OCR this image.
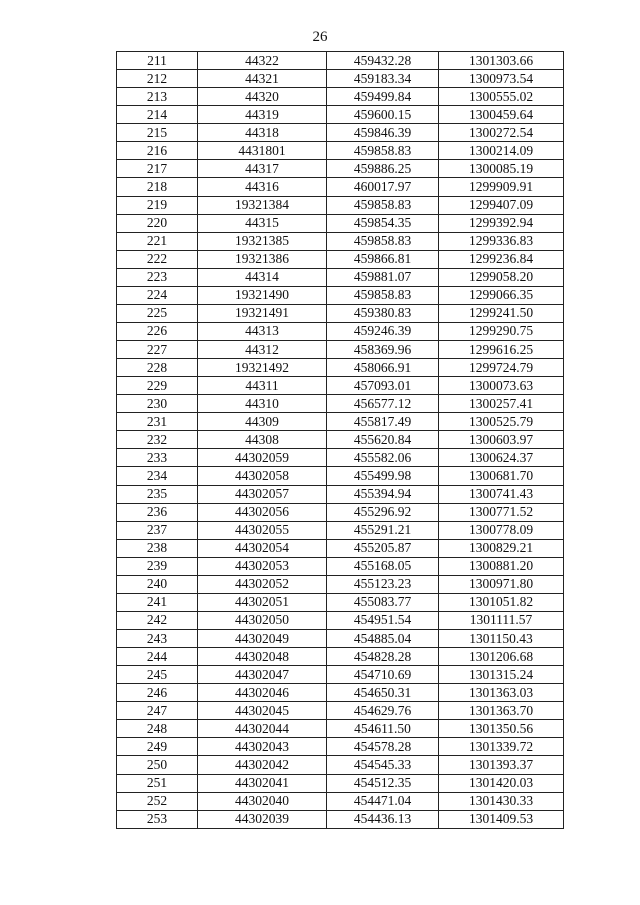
26
211	44322	459432.28	1301303.66
212	44321	459183.34	1300973.54
213	44320	459499.84	1300555.02
214	44319	459600.15	1300459.64
215	44318	459846.39	1300272.54
216	4431801	459858.83	1300214.09
217	44317	459886.25	1300085.19
218	44316	460017.97	1299909.91
219	19321384	459858.83	1299407.09
220	44315	459854.35	1299392.94
221	19321385	459858.83	1299336.83
222	19321386	459866.81	1299236.84
223	44314	459881.07	1299058.20
224	19321490	459858.83	1299066.35
225	19321491	459380.83	1299241.50
226	44313	459246.39	1299290.75
227	44312	458369.96	1299616.25
228	19321492	458066.91	1299724.79
229	44311	457093.01	1300073.63
230	44310	456577.12	1300257.41
231	44309	455817.49	1300525.79
232	44308	455620.84	1300603.97
233	44302059	455582.06	1300624.37
234	44302058	455499.98	1300681.70
235	44302057	455394.94	1300741.43
236	44302056	455296.92	1300771.52
237	44302055	455291.21	1300778.09
238	44302054	455205.87	1300829.21
239	44302053	455168.05	1300881.20
240	44302052	455123.23	1300971.80
241	44302051	455083.77	1301051.82
242	44302050	454951.54	1301111.57
243	44302049	454885.04	1301150.43
244	44302048	454828.28	1301206.68
245	44302047	454710.69	1301315.24
246	44302046	454650.31	1301363.03
247	44302045	454629.76	1301363.70
248	44302044	454611.50	1301350.56
249	44302043	454578.28	1301339.72
250	44302042	454545.33	1301393.37
251	44302041	454512.35	1301420.03
252	44302040	454471.04	1301430.33
253	44302039	454436.13	1301409.53
